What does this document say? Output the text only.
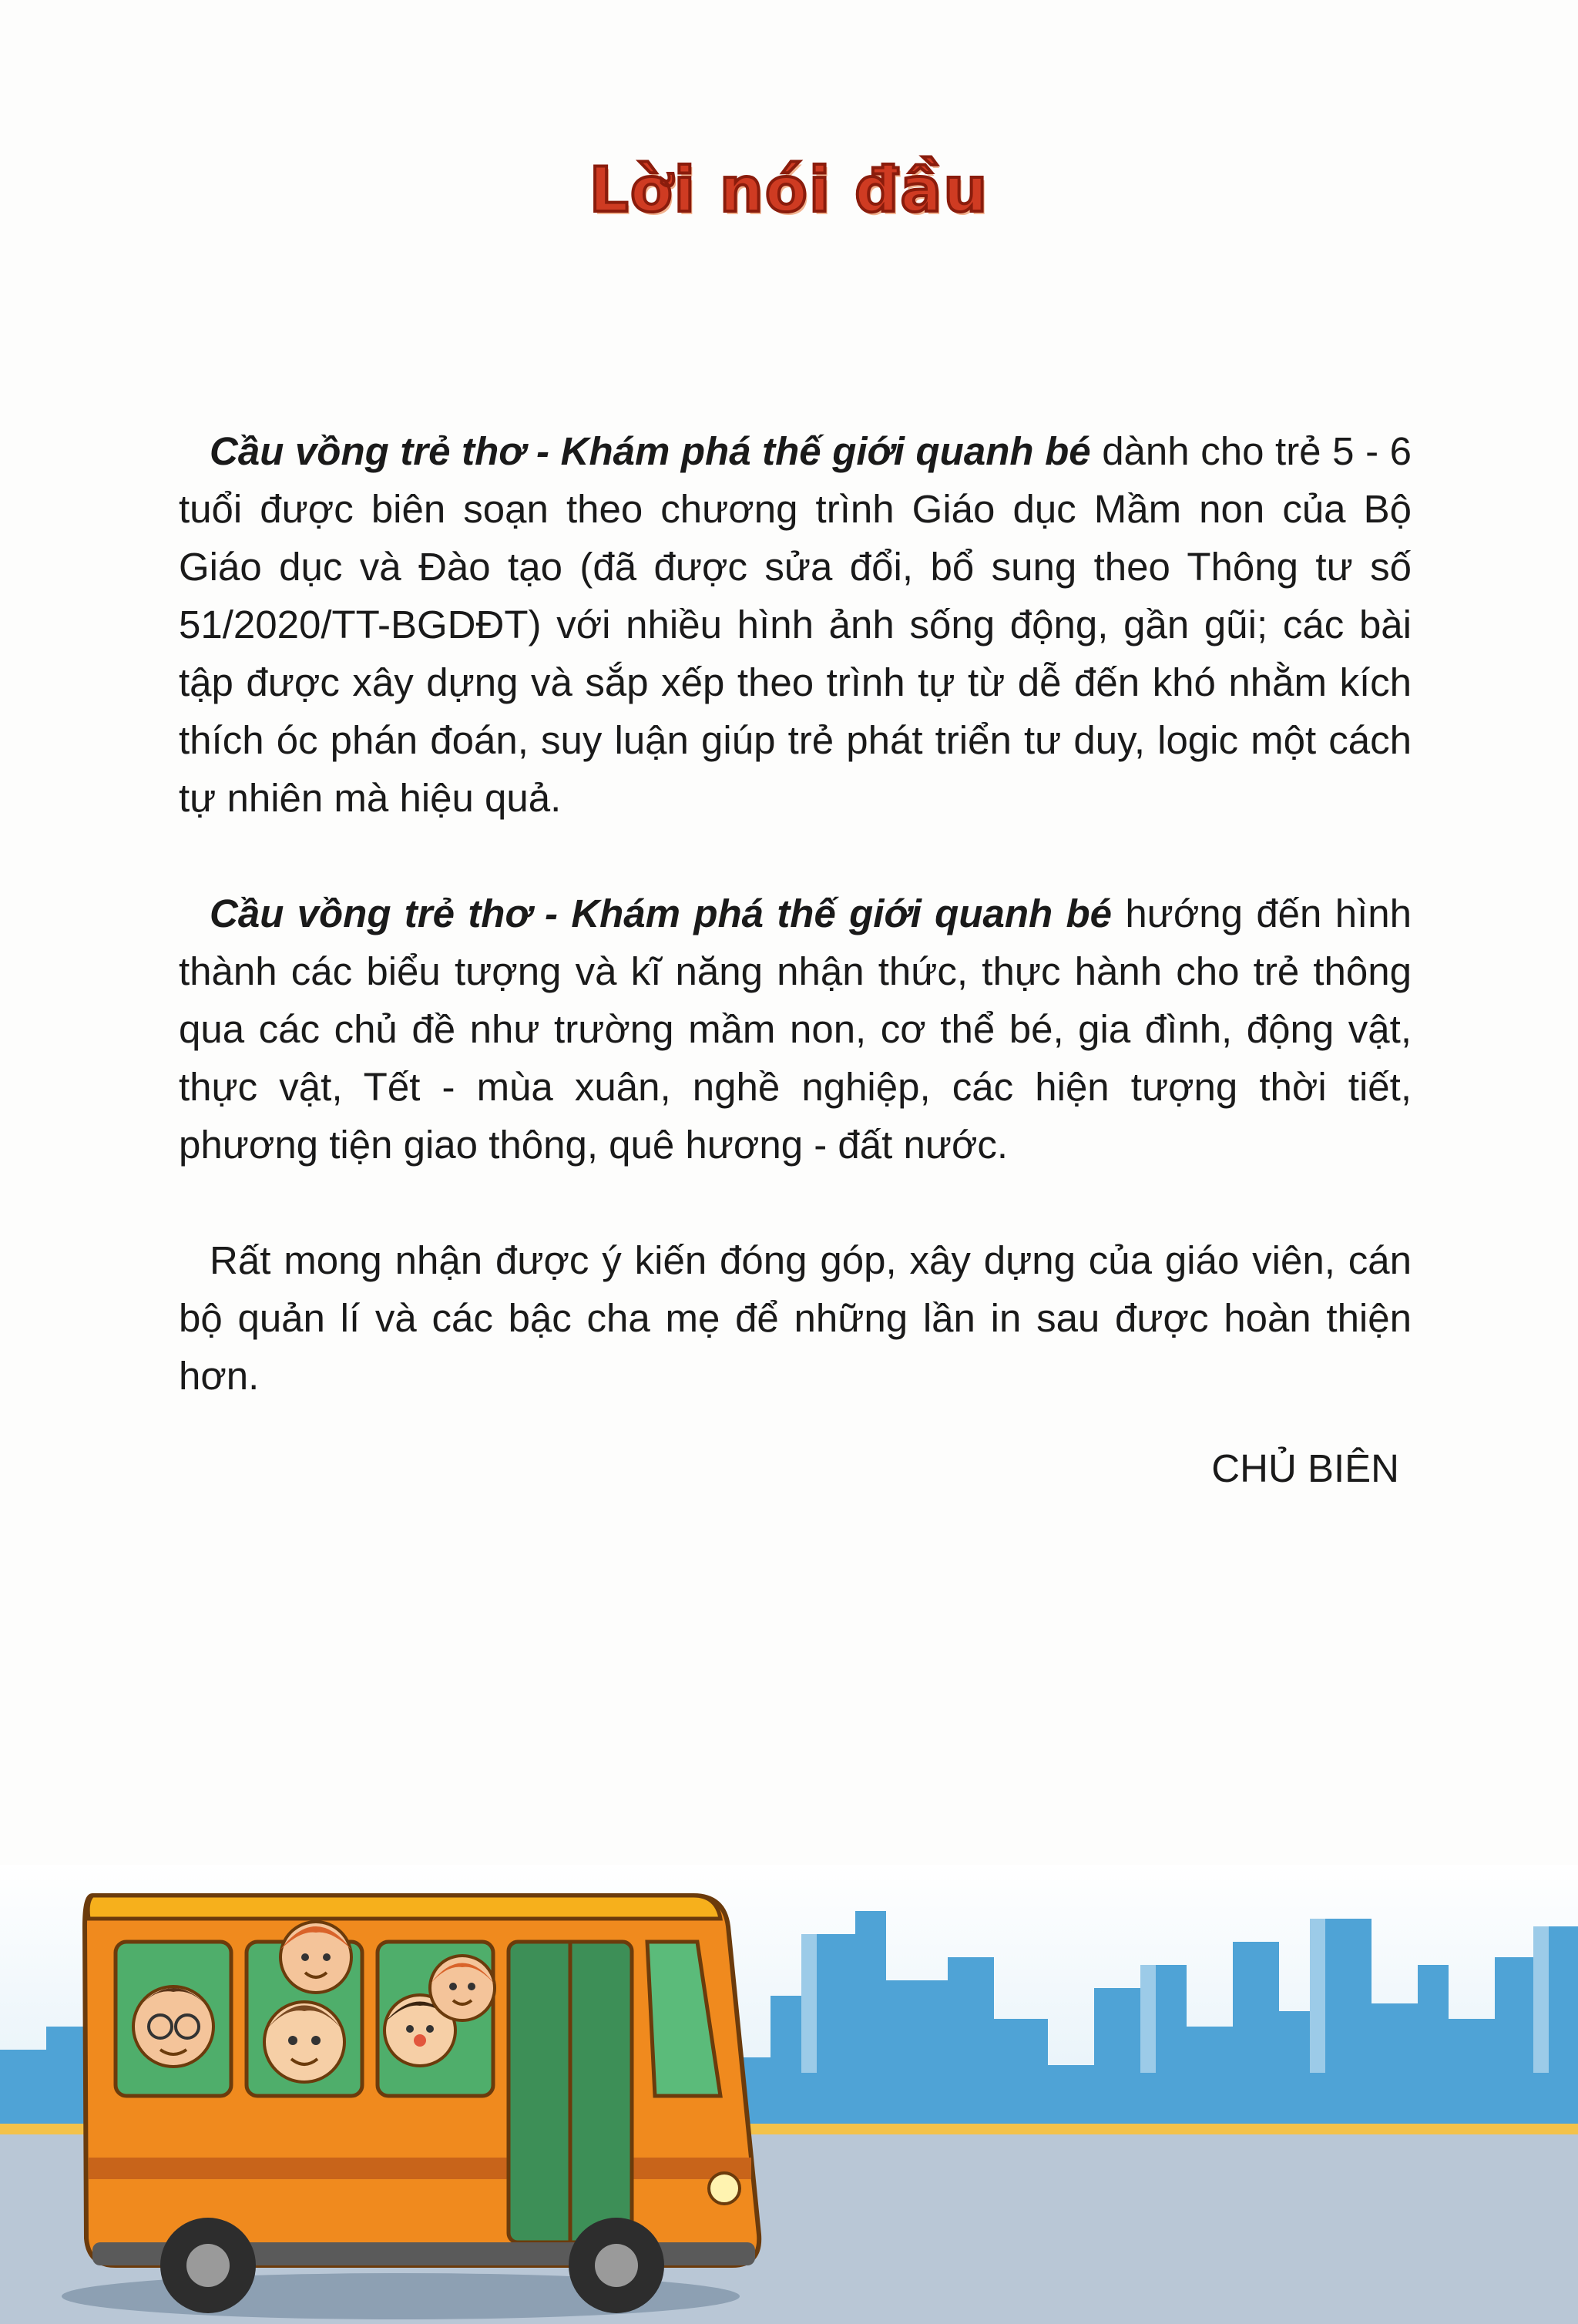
Lời nói đầu

Cầu vồng trẻ thơ - Khám phá thế giới quanh bé dành cho trẻ 5 - 6 tuổi được biên soạn theo chương trình Giáo dục Mầm non của Bộ Giáo dục và Đào tạo (đã được sửa đổi, bổ sung theo Thông tư số 51/2020/TT-BGDĐT) với nhiều hình ảnh sống động, gần gũi; các bài tập được xây dựng và sắp xếp theo trình tự từ dễ đến khó nhằm kích thích óc phán đoán, suy luận giúp trẻ phát triển tư duy, logic một cách tự nhiên mà hiệu quả.

Cầu vồng trẻ thơ - Khám phá thế giới quanh bé hướng đến hình thành các biểu tượng và kĩ năng nhận thức, thực hành cho trẻ thông qua các chủ đề như trường mầm non, cơ thể bé, gia đình, động vật, thực vật, Tết - mùa xuân, nghề nghiệp, các hiện tượng thời tiết, phương tiện giao thông, quê hương - đất nước.

Rất mong nhận được ý kiến đóng góp, xây dựng của giáo viên, cán bộ quản lí và các bậc cha mẹ để những lần in sau được hoàn thiện hơn.

CHỦ BIÊN
